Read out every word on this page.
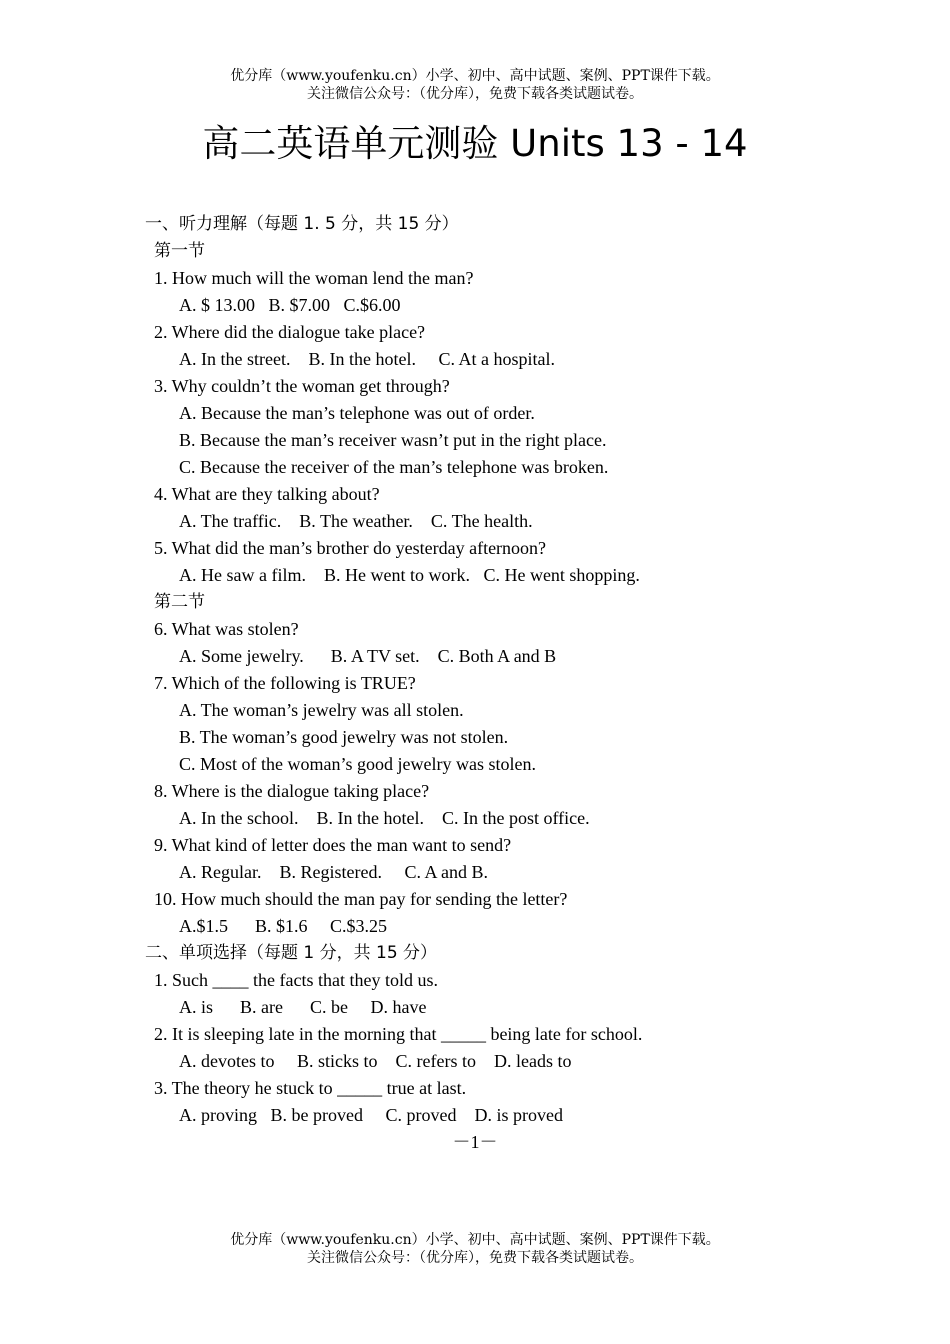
优分库（www.youfenku.cn）小学、初中、高中试题、案例、PPT课件下载。
关注微信公众号：（优分库），免费下载各类试题试卷。
高二英语单元测验 Units 13 - 14
一、听力理解（每题 1. 5 分，共 15 分）
第一节
1. How much will the woman lend the man?
A. $ 13.00   B. $7.00   C.$6.00
2. Where did the dialogue take place?
A. In the street.    B. In the hotel.     C. At a hospital.
3. Why couldn’t the woman get through?
A. Because the man’s telephone was out of order.
B. Because the man’s receiver wasn’t put in the right place.
C. Because the receiver of the man’s telephone was broken.
4. What are they talking about?
A. The traffic.    B. The weather.    C. The health.
5. What did the man’s brother do yesterday afternoon?
A. He saw a film.    B. He went to work.   C. He went shopping.
第二节
6. What was stolen?
A. Some jewelry.      B. A TV set.    C. Both A and B
7. Which of the following is TRUE?
A. The woman’s jewelry was all stolen.
B. The woman’s good jewelry was not stolen.
C. Most of the woman’s good jewelry was stolen.
8. Where is the dialogue taking place?
A. In the school.    B. In the hotel.    C. In the post office.
9. What kind of letter does the man want to send?
A. Regular.    B. Registered.     C. A and B.
10. How much should the man pay for sending the letter?
A.$1.5      B. $1.6     C.$3.25
二、单项选择（每题 1 分，共 15 分）
1. Such ____ the facts that they told us.
A. is      B. are      C. be     D. have
2. It is sleeping late in the morning that _____ being late for school.
A. devotes to     B. sticks to    C. refers to    D. leads to
3. The theory he stuck to _____ true at last.
A. proving   B. be proved     C. proved    D. is proved
－1－
优分库（www.youfenku.cn）小学、初中、高中试题、案例、PPT课件下载。
关注微信公众号：（优分库），免费下载各类试题试卷。
